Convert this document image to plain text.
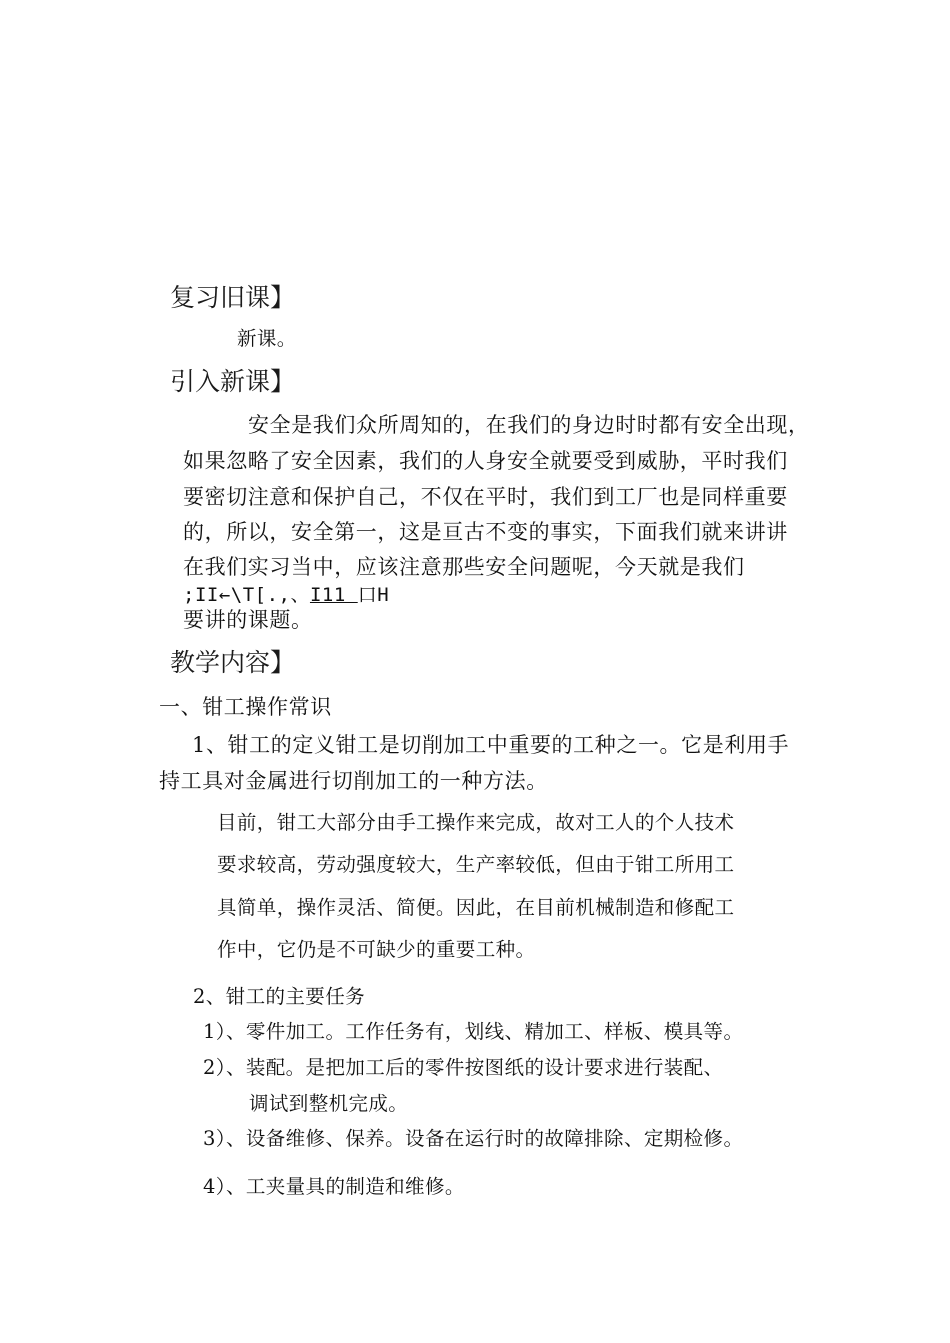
复习旧课】
新课。
引入新课】
安全是我们众所周知的，在我们的身边时时都有安全出现，
如果忽略了安全因素，我们的人身安全就要受到威胁，平时我们
要密切注意和保护自己，不仅在平时，我们到工厂也是同样重要
的，所以，安全第一，这是亘古不变的事实，下面我们就来讲讲
在我们实习当中，应该注意那些安全问题呢，今天就是我们
;II←\T[.,、I11 口H
要讲的课题。
教学内容】
一、钳工操作常识
1、钳工的定义钳工是切削加工中重要的工种之一。它是利用手
持工具对金属进行切削加工的一种方法。
目前，钳工大部分由手工操作来完成，故对工人的个人技术
要求较高，劳动强度较大，生产率较低，但由于钳工所用工
具简单，操作灵活、简便。因此，在目前机械制造和修配工
作中，它仍是不可缺少的重要工种。
2、钳工的主要任务
1）、零件加工。工作任务有，划线、精加工、样板、模具等。
2）、装配。是把加工后的零件按图纸的设计要求进行装配、
调试到整机完成。
3）、设备维修、保养。设备在运行时的故障排除、定期检修。
4）、工夹量具的制造和维修。
